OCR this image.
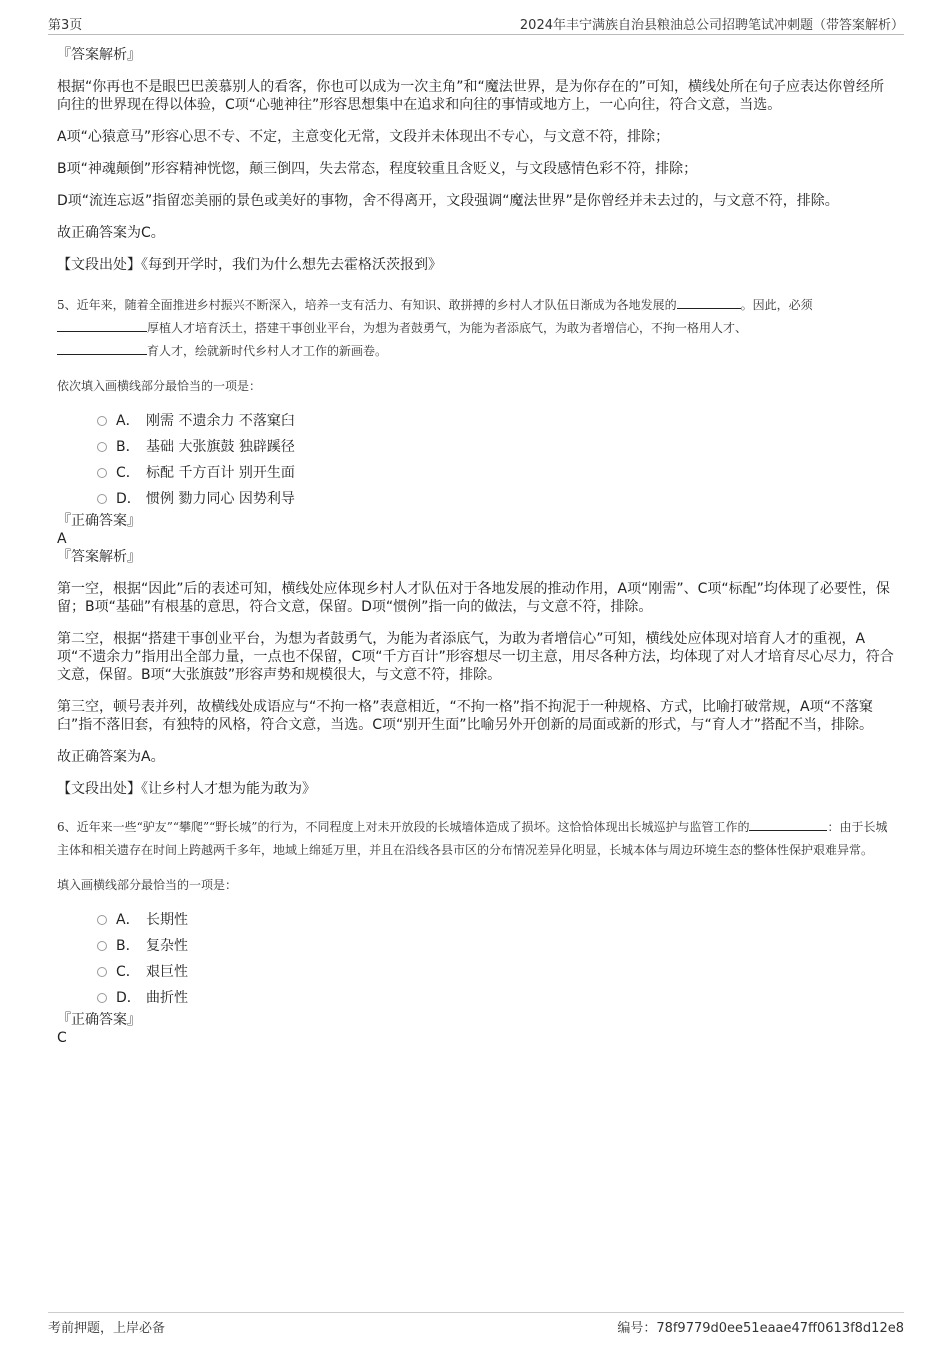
第3页	2024年丰宁满族自治县粮油总公司招聘笔试冲刺题（带答案解析）
『答案解析』
根据“你再也不是眼巴巴羡慕别人的看客，你也可以成为一次主角”和“魔法世界，是为你存在的”可知，横线处所在句子应表达你曾经所向往的世界现在得以体验，C项“心驰神往”形容思想集中在追求和向往的事情或地方上，一心向往，符合文意，当选。
A项“心猿意马”形容心思不专、不定，主意变化无常，文段并未体现出不专心，与文意不符，排除；
B项“神魂颠倒”形容精神恍惚，颠三倒四，失去常态，程度较重且含贬义，与文段感情色彩不符，排除；
D项“流连忘返”指留恋美丽的景色或美好的事物，舍不得离开，文段强调“魔法世界”是你曾经并未去过的，与文意不符，排除。
故正确答案为C。
【文段出处】《每到开学时，我们为什么想先去霍格沃茨报到》
5、近年来，随着全面推进乡村振兴不断深入，培养一支有活力、有知识、敢拼搏的乡村人才队伍日渐成为各地发展的	。因此，必须
厚植人才培育沃土，搭建干事创业平台，为想为者鼓勇气，为能为者添底气，为敢为者增信心，不拘一格用人才、
育人才，绘就新时代乡村人才工作的新画卷。
依次填入画横线部分最恰当的一项是：
A． 刚需 不遗余力 不落窠臼
B． 基础 大张旗鼓 独辟蹊径
C． 标配 千方百计 别开生面
D． 惯例 勠力同心 因势利导
『正确答案』
A
『答案解析』
第一空，根据“因此”后的表述可知，横线处应体现乡村人才队伍对于各地发展的推动作用，A项“刚需”、C项“标配”均体现了必要性，保留；B项“基础”有根基的意思，符合文意，保留。D项“惯例”指一向的做法，与文意不符，排除。
第二空，根据“搭建干事创业平台，为想为者鼓勇气，为能为者添底气，为敢为者增信心”可知，横线处应体现对培育人才的重视，A项“不遗余力”指用出全部力量，一点也不保留，C项“千方百计”形容想尽一切主意，用尽各种方法，均体现了对人才培育尽心尽力，符合文意，保留。B项“大张旗鼓”形容声势和规模很大，与文意不符，排除。
第三空，顿号表并列，故横线处成语应与“不拘一格”表意相近，“不拘一格”指不拘泥于一种规格、方式，比喻打破常规，A项“不落窠臼”指不落旧套，有独特的风格，符合文意，当选。C项“别开生面”比喻另外开创新的局面或新的形式，与“育人才”搭配不当，排除。
故正确答案为A。
【文段出处】《让乡村人才想为能为敢为》
6、近年来一些“驴友”“攀爬”“野长城”的行为，不同程度上对未开放段的长城墙体造成了损坏。这恰恰体现出长城巡护与监管工作的	：由于长城主体和相关遗存在时间上跨越两千多年，地域上绵延万里，并且在沿线各县市区的分布情况差异化明显，长城本体与周边环境生态的整体性保护艰难异常。
填入画横线部分最恰当的一项是：
A． 长期性
B． 复杂性
C． 艰巨性
D． 曲折性
『正确答案』
C
考前押题，上岸必备	编号：78f9779d0ee51eaae47ff0613f8d12e8
